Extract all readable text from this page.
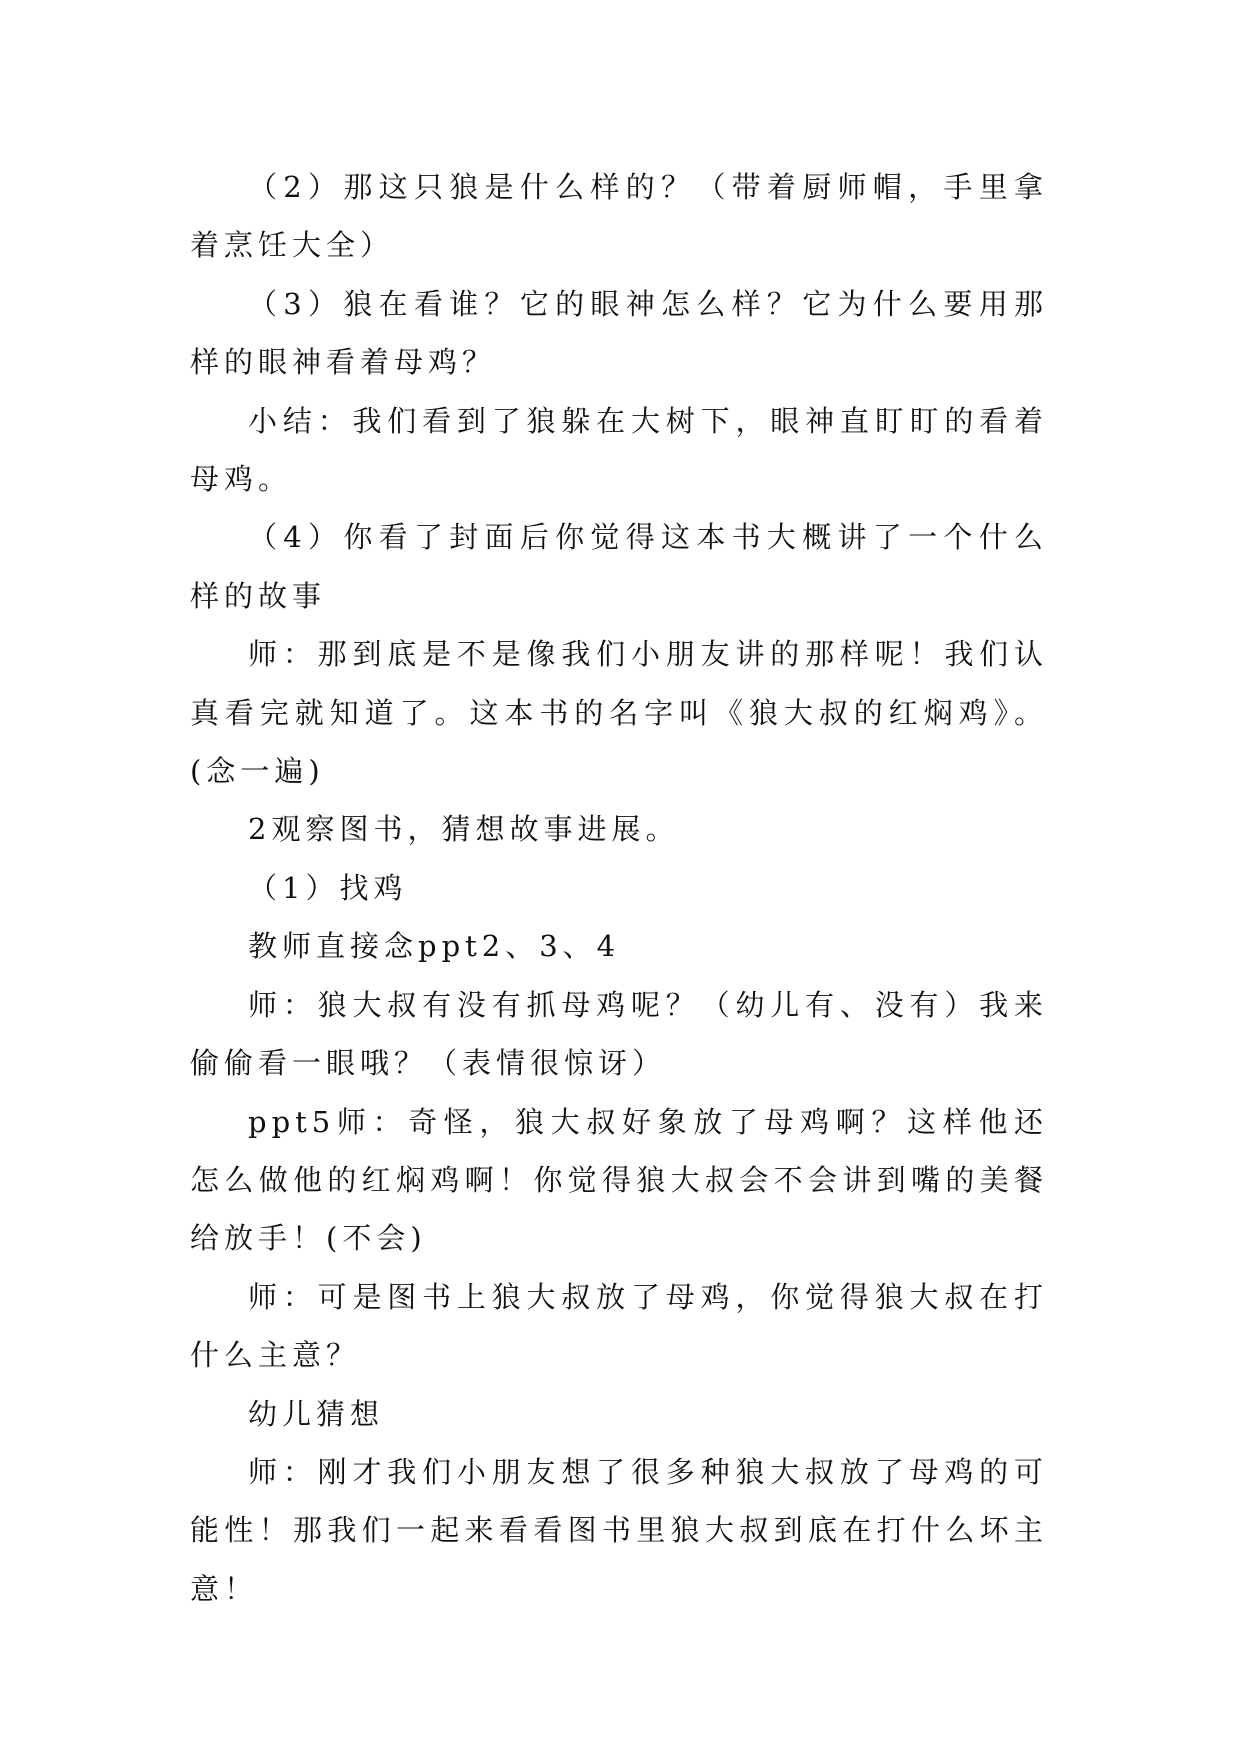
（2）那这只狼是什么样的？（带着厨师帽，手里拿着烹饪大全）

（3）狼在看谁？它的眼神怎么样？它为什么要用那样的眼神看着母鸡？

小结：我们看到了狼躲在大树下，眼神直盯盯的看着母鸡。

（4）你看了封面后你觉得这本书大概讲了一个什么样的故事

师：那到底是不是像我们小朋友讲的那样呢！我们认真看完就知道了。这本书的名字叫《狼大叔的红焖鸡》。(念一遍)

2观察图书，猜想故事进展。

（1）找鸡

教师直接念ppt2、3、4

师：狼大叔有没有抓母鸡呢？（幼儿有、没有）我来偷偷看一眼哦？（表情很惊讶）

ppt5师：奇怪，狼大叔好象放了母鸡啊？这样他还怎么做他的红焖鸡啊！你觉得狼大叔会不会讲到嘴的美餐给放手！(不会)

师：可是图书上狼大叔放了母鸡，你觉得狼大叔在打什么主意？

幼儿猜想

师：刚才我们小朋友想了很多种狼大叔放了母鸡的可能性！那我们一起来看看图书里狼大叔到底在打什么坏主意！
